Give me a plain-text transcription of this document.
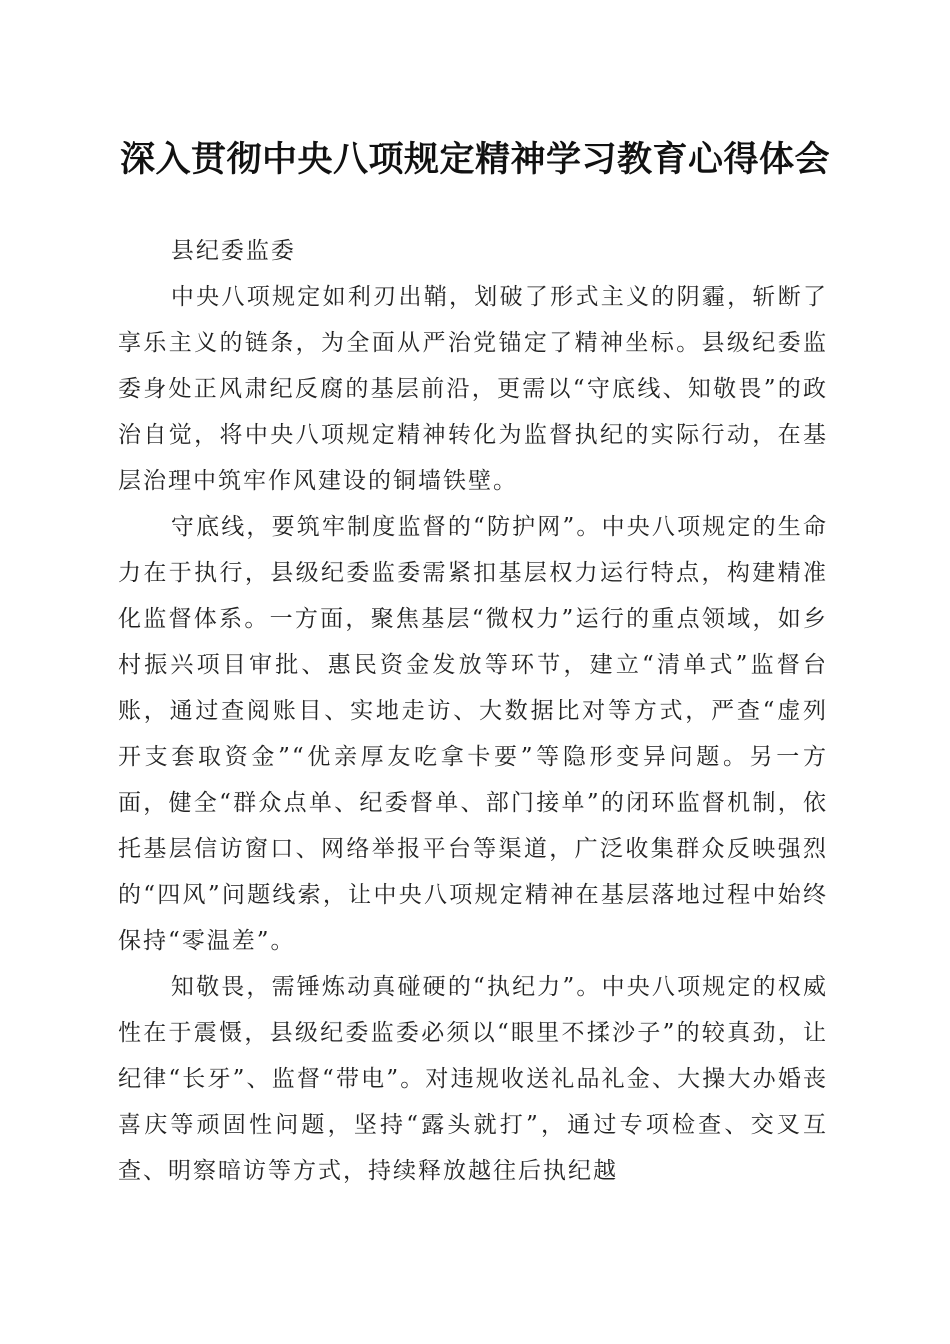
深入贯彻中央八项规定精神学习教育心得体会

县纪委监委

中央八项规定如利刃出鞘，划破了形式主义的阴霾，斩断了享乐主义的链条，为全面从严治党锚定了精神坐标。县级纪委监委身处正风肃纪反腐的基层前沿，更需以“守底线、知敬畏”的政治自觉，将中央八项规定精神转化为监督执纪的实际行动，在基层治理中筑牢作风建设的铜墙铁壁。

守底线，要筑牢制度监督的“防护网”。中央八项规定的生命力在于执行，县级纪委监委需紧扣基层权力运行特点，构建精准化监督体系。一方面，聚焦基层“微权力”运行的重点领域，如乡村振兴项目审批、惠民资金发放等环节，建立“清单式”监督台账，通过查阅账目、实地走访、大数据比对等方式，严查“虚列开支套取资金”“优亲厚友吃拿卡要”等隐形变异问题。另一方面，健全“群众点单、纪委督单、部门接单”的闭环监督机制，依托基层信访窗口、网络举报平台等渠道，广泛收集群众反映强烈的“四风”问题线索，让中央八项规定精神在基层落地过程中始终保持“零温差”。

知敬畏，需锤炼动真碰硬的“执纪力”。中央八项规定的权威性在于震慑，县级纪委监委必须以“眼里不揉沙子”的较真劲，让纪律“长牙”、监督“带电”。对违规收送礼品礼金、大操大办婚丧喜庆等顽固性问题，坚持“露头就打”，通过专项检查、交叉互查、明察暗访等方式，持续释放越往后执纪越
